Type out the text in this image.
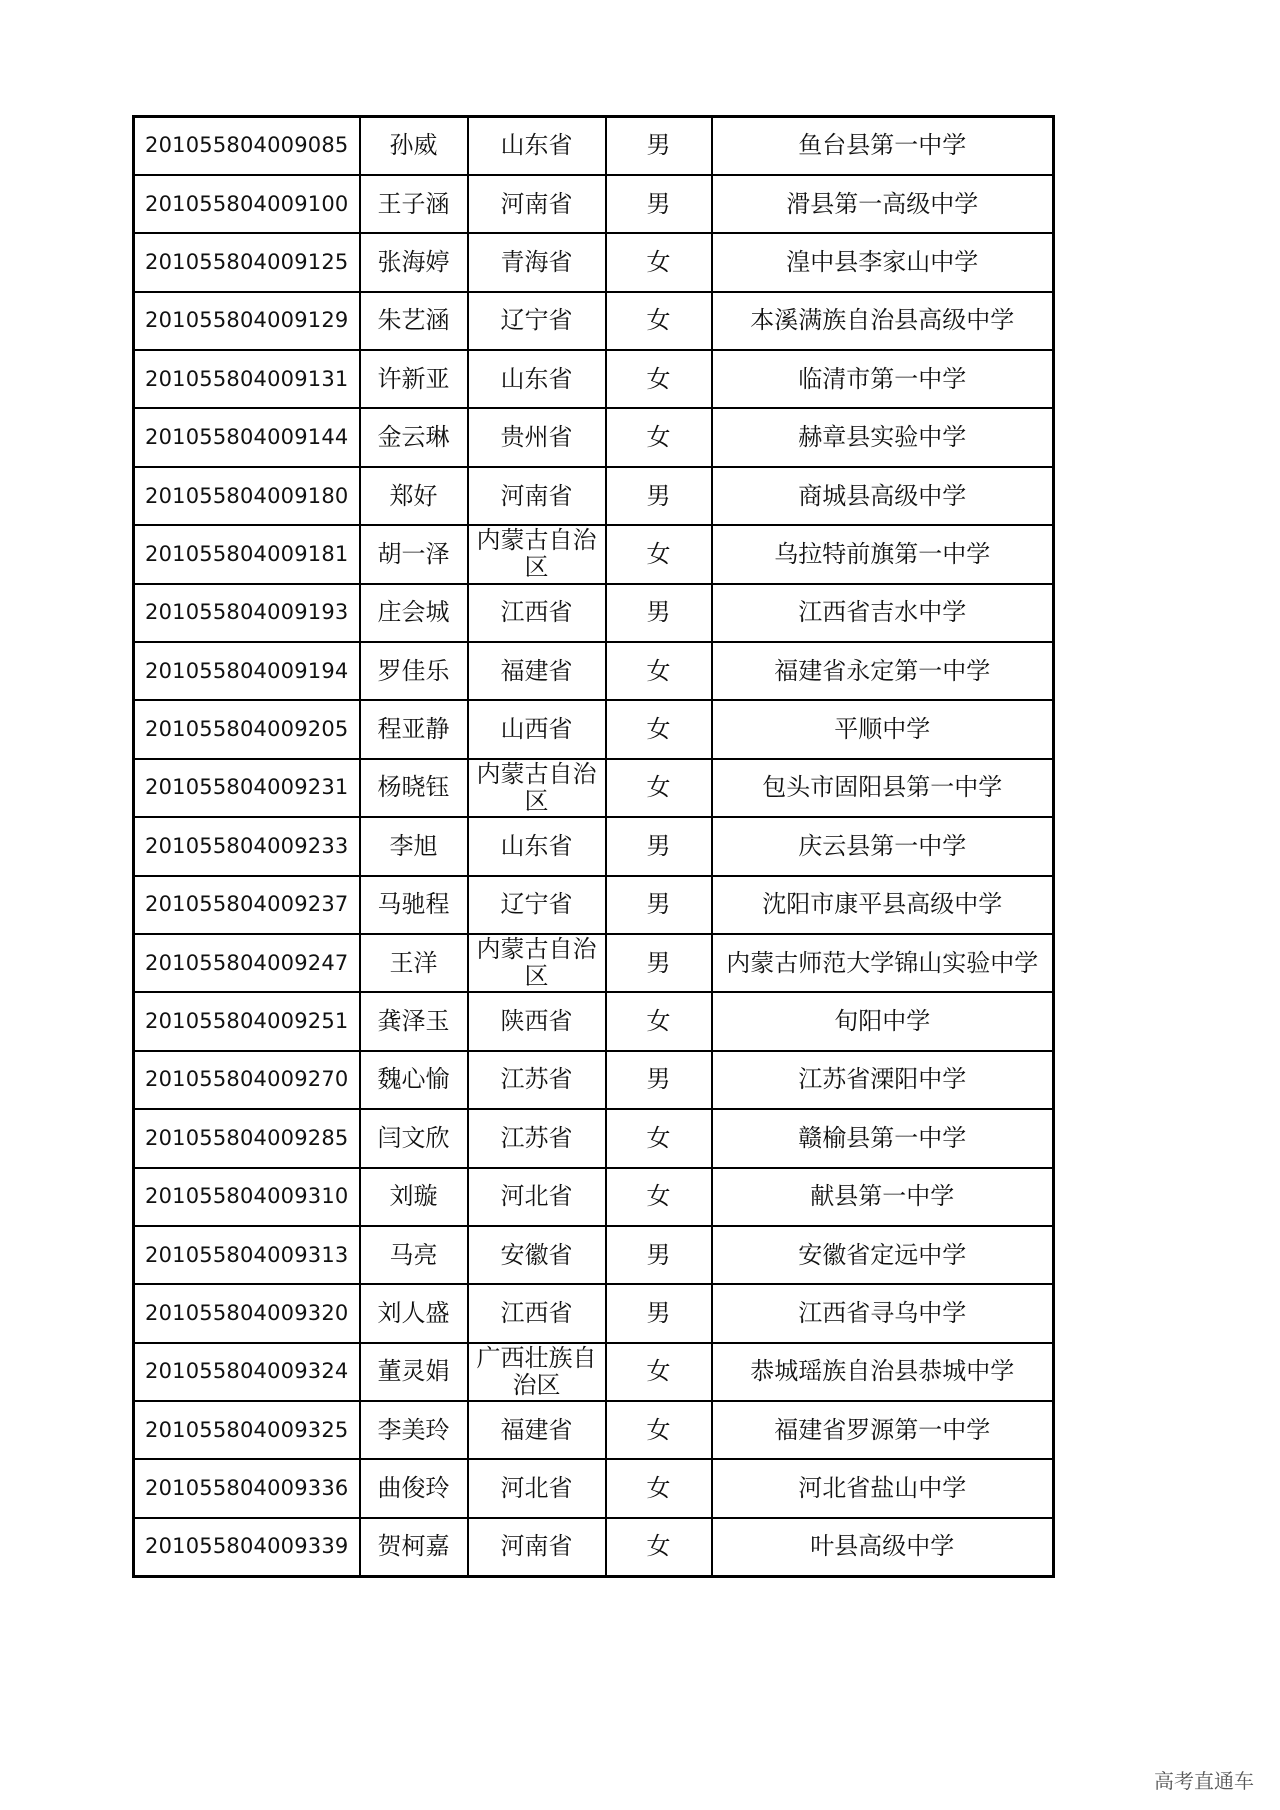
201055804009085	孙威	山东省	男	鱼台县第一中学
201055804009100	王子涵	河南省	男	滑县第一高级中学
201055804009125	张海婷	青海省	女	湟中县李家山中学
201055804009129	朱艺涵	辽宁省	女	本溪满族自治县高级中学
201055804009131	许新亚	山东省	女	临清市第一中学
201055804009144	金云琳	贵州省	女	赫章县实验中学
201055804009180	郑好	河南省	男	商城县高级中学
201055804009181	胡一泽	内蒙古自治区	女	乌拉特前旗第一中学
201055804009193	庄会城	江西省	男	江西省吉水中学
201055804009194	罗佳乐	福建省	女	福建省永定第一中学
201055804009205	程亚静	山西省	女	平顺中学
201055804009231	杨晓钰	内蒙古自治区	女	包头市固阳县第一中学
201055804009233	李旭	山东省	男	庆云县第一中学
201055804009237	马驰程	辽宁省	男	沈阳市康平县高级中学
201055804009247	王洋	内蒙古自治区	男	内蒙古师范大学锦山实验中学
201055804009251	龚泽玉	陕西省	女	旬阳中学
201055804009270	魏心愉	江苏省	男	江苏省溧阳中学
201055804009285	闫文欣	江苏省	女	赣榆县第一中学
201055804009310	刘璇	河北省	女	献县第一中学
201055804009313	马亮	安徽省	男	安徽省定远中学
201055804009320	刘人盛	江西省	男	江西省寻乌中学
201055804009324	董灵娟	广西壮族自治区	女	恭城瑶族自治县恭城中学
201055804009325	李美玲	福建省	女	福建省罗源第一中学
201055804009336	曲俊玲	河北省	女	河北省盐山中学
201055804009339	贺柯嘉	河南省	女	叶县高级中学
高考直通车
